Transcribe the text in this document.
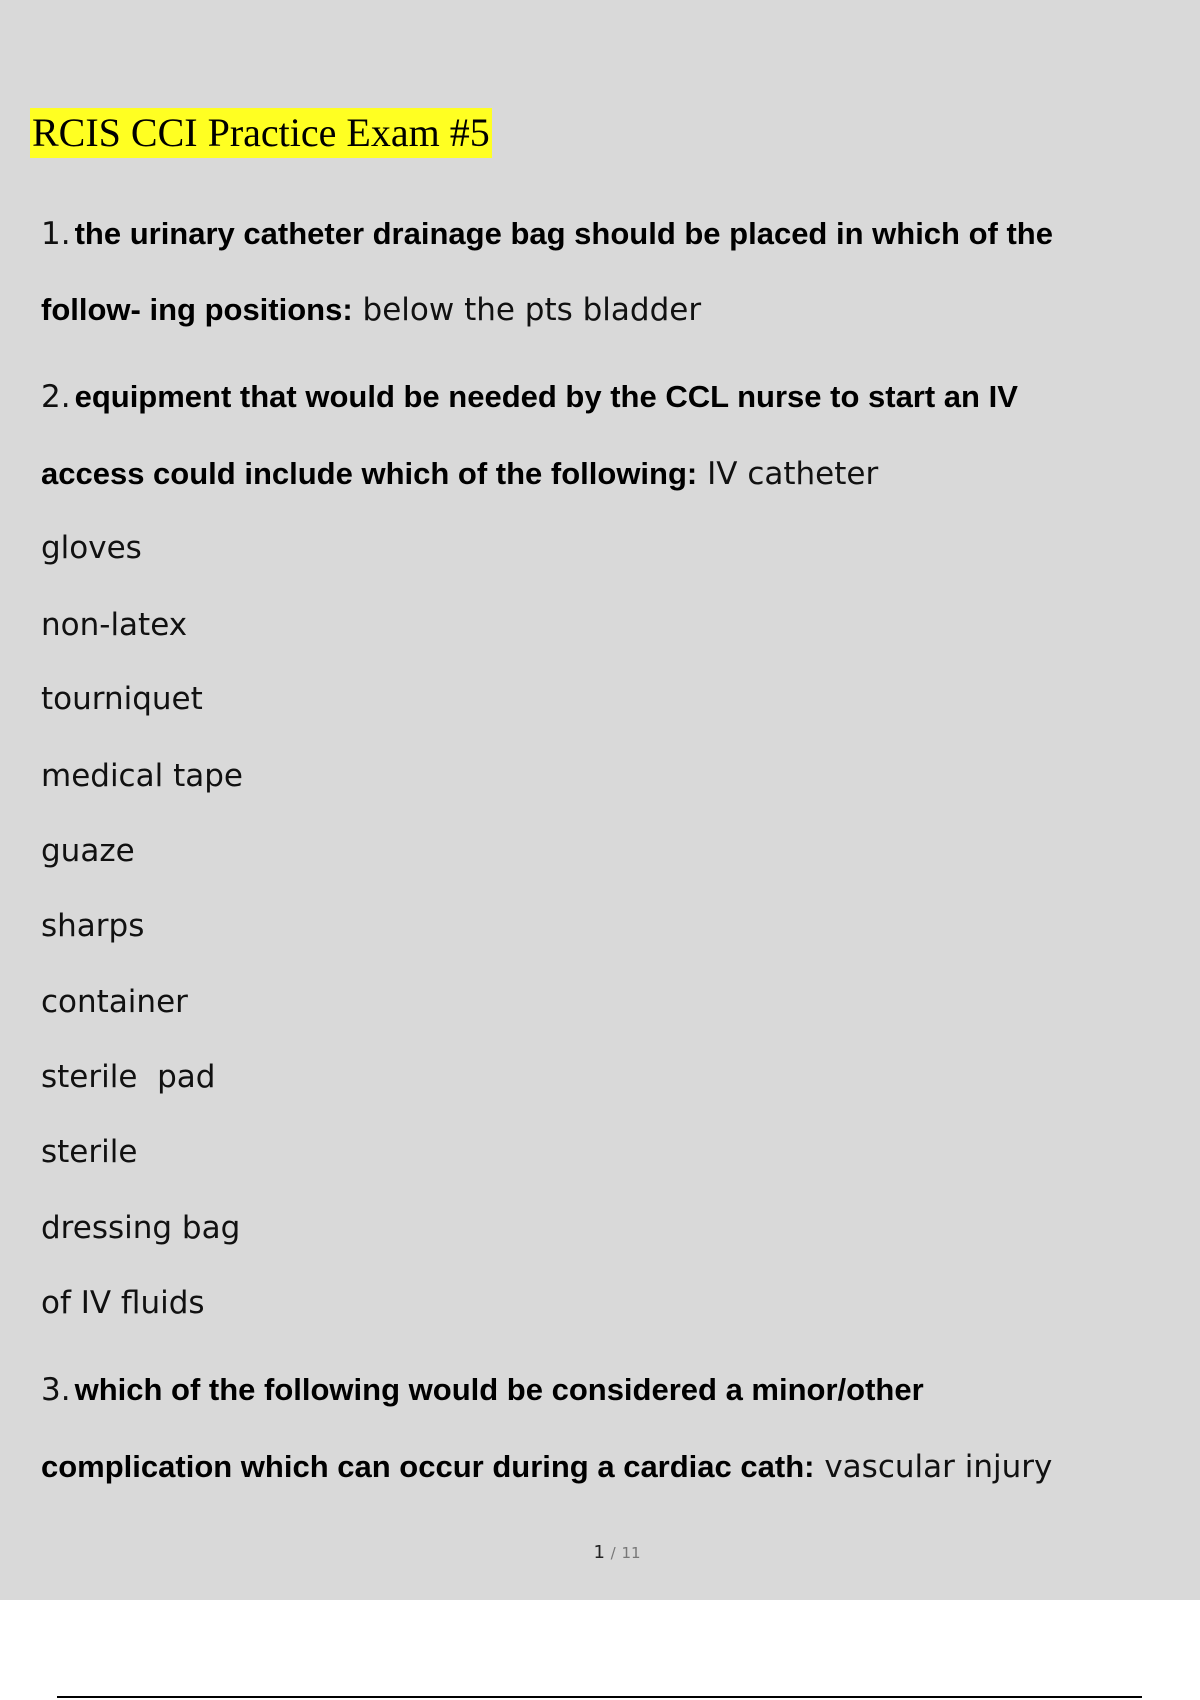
RCIS CCI Practice Exam #5
1. the urinary catheter drainage bag should be placed in which of the
follow- ing positions: below the pts bladder
2. equipment that would be needed by the CCL nurse to start an IV
access could include which of the following: IV catheter
gloves
non-latex
tourniquet
medical tape
guaze
sharps
container
sterile  pad
sterile
dressing bag
of IV fluids
3. which of the following would be considered a minor/other
complication which can occur during a cardiac cath: vascular injury
1 / 11
